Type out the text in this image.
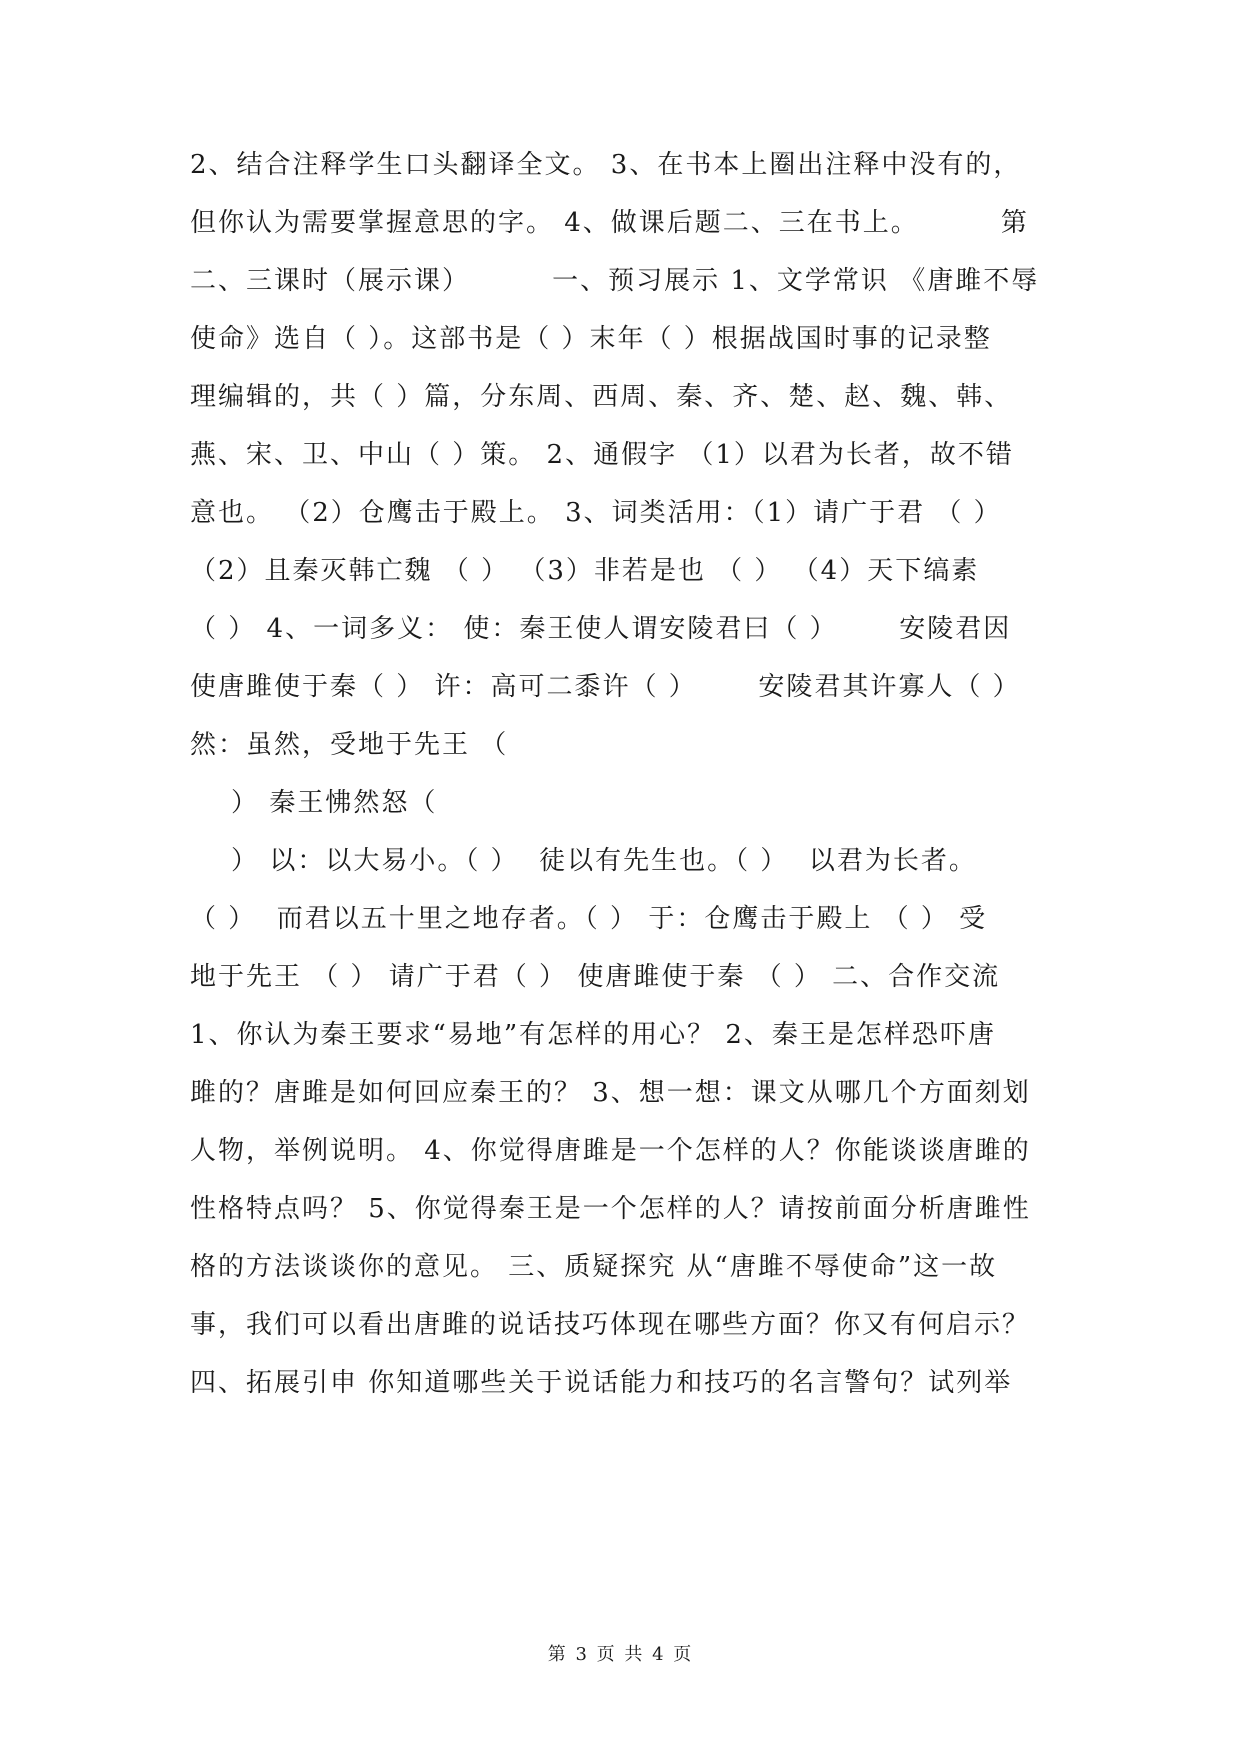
2、结合注释学生口头翻译全文。 3、在书本上圈出注释中没有的，
但你认为需要掌握意思的字。 4、做课后题二、三在书上。        第
二、三课时（展示课）        一、预习展示 1、文学常识 《唐雎不辱
使命》选自（ ）。这部书是（ ）末年（ ）根据战国时事的记录整
理编辑的，共（ ）篇，分东周、西周、秦、齐、楚、赵、魏、韩、
燕、宋、卫、中山（ ）策。 2、通假字 （1）以君为长者，故不错
意也。 （2）仓鹰击于殿上。 3、词类活用：（1）请广于君 （ ）
（2）且秦灭韩亡魏 （ ） （3）非若是也 （ ） （4）天下缟素
（ ） 4、一词多义： 使：秦王使人谓安陵君曰（ ）      安陵君因
使唐雎使于秦（ ） 许：高可二黍许（ ）      安陵君其许寡人（ ）
然：虽然，受地于先王 （
） 秦王怫然怒（
） 以：以大易小。（ ）  徒以有先生也。（ ）  以君为长者。
（ ）  而君以五十里之地存者。（ ） 于：仓鹰击于殿上 （ ） 受
地于先王 （ ） 请广于君（ ） 使唐雎使于秦 （ ） 二、合作交流
1、你认为秦王要求“易地”有怎样的用心？ 2、秦王是怎样恐吓唐
雎的？唐雎是如何回应秦王的？ 3、想一想：课文从哪几个方面刻划
人物，举例说明。 4、你觉得唐雎是一个怎样的人？你能谈谈唐雎的
性格特点吗？ 5、你觉得秦王是一个怎样的人？请按前面分析唐雎性
格的方法谈谈你的意见。 三、质疑探究 从“唐雎不辱使命”这一故
事，我们可以看出唐雎的说话技巧体现在哪些方面？你又有何启示？
四、拓展引申 你知道哪些关于说话能力和技巧的名言警句？试列举
第 3 页 共 4 页
